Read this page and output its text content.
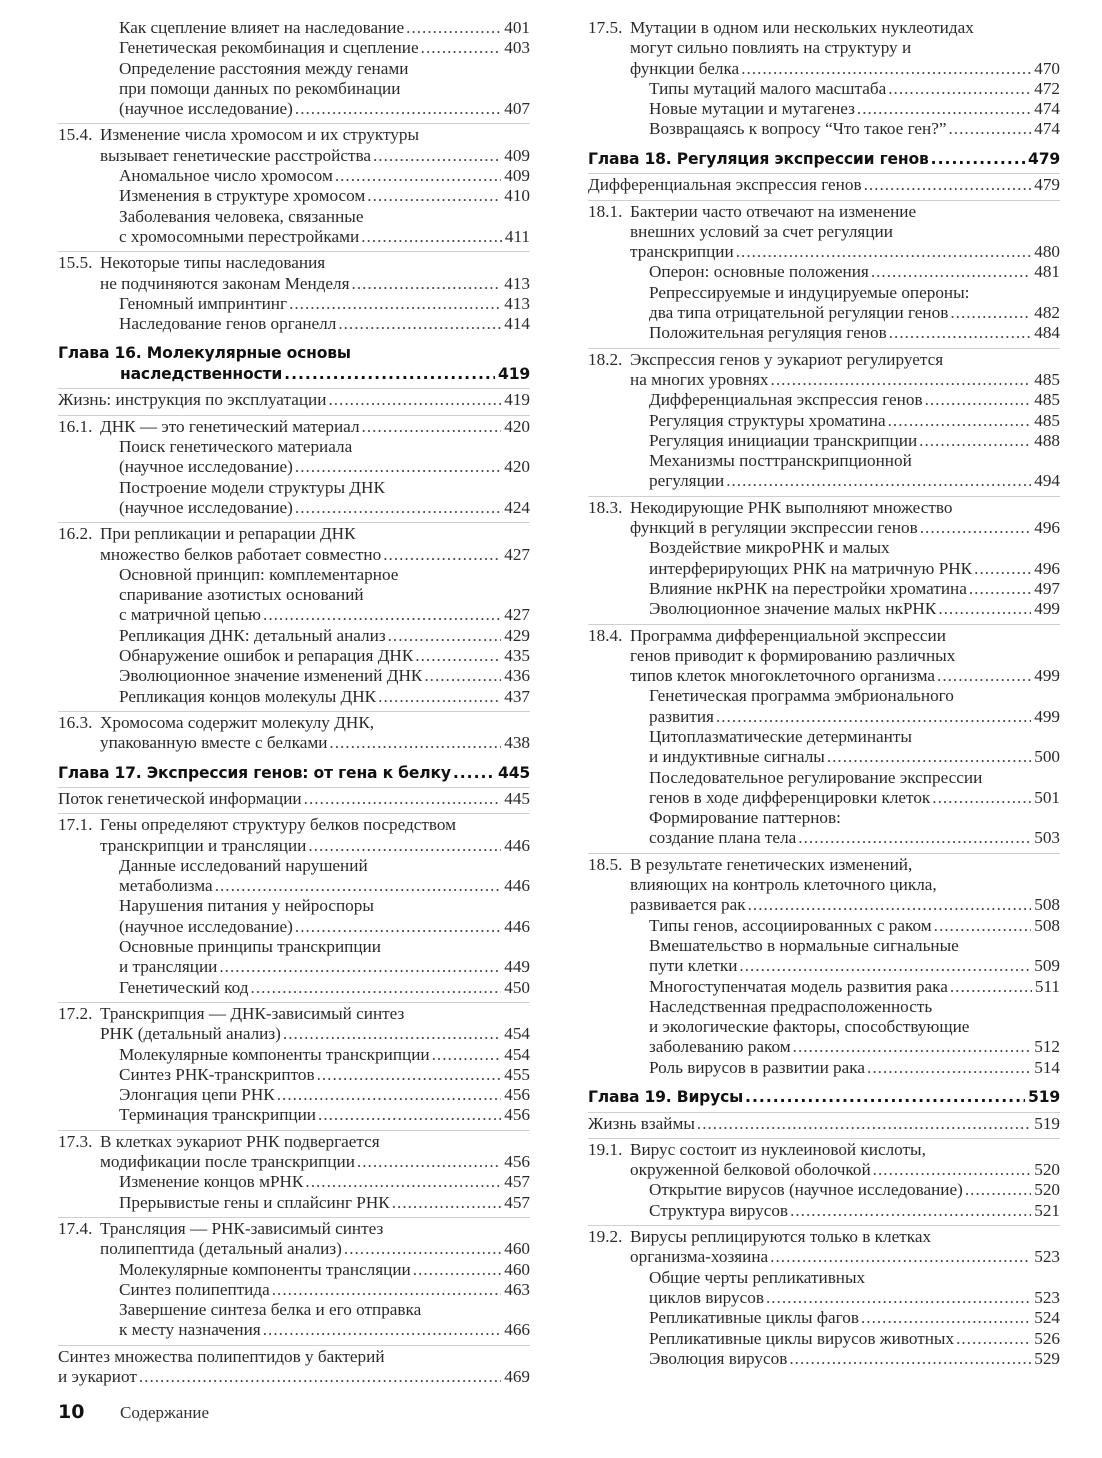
Как сцепление влияет на наследование .....	401
Генетическая рекомбинация и сцепление .....	403
Определение расстояния между генами
при помощи данных по рекомбинации
(научное исследование) .....	407
15.4. Изменение числа хромосом и их структуры
вызывает генетические расстройства .....	409
Аномальное число хромосом .....	409
Изменения в структуре хромосом .....	410
Заболевания человека, связанные
с хромосомными перестройками .....	411
15.5. Некоторые типы наследования
не подчиняются законам Менделя .....	413
Геномный импринтинг .....	413
Наследование генов органелл .....	414
Глава 16. Молекулярные основы
наследственности .....	419
Жизнь: инструкция по эксплуатации .....	419
16.1. ДНК — это генетический материал .....	420
Поиск генетического материала
(научное исследование) .....	420
Построение модели структуры ДНК
(научное исследование) .....	424
16.2. При репликации и репарации ДНК
множество белков работает совместно .....	427
Основной принцип: комплементарное
спаривание азотистых оснований
с матричной цепью .....	427
Репликация ДНК: детальный анализ .....	429
Обнаружение ошибок и репарация ДНК .....	435
Эволюционное значение изменений ДНК .....	436
Репликация концов молекулы ДНК .....	437
16.3. Хромосома содержит молекулу ДНК,
упакованную вместе с белками .....	438
Глава 17. Экспрессия генов: от гена к белку .....	445
Поток генетической информации .....	445
17.1. Гены определяют структуру белков посредством
транскрипции и трансляции .....	446
Данные исследований нарушений
метаболизма .....	446
Нарушения питания у нейроспоры
(научное исследование) .....	446
Основные принципы транскрипции
и трансляции .....	449
Генетический код .....	450
17.2. Транскрипция — ДНК-зависимый синтез
РНК (детальный анализ) .....	454
Молекулярные компоненты транскрипции .....	454
Синтез РНК-транскриптов .....	455
Элонгация цепи РНК .....	456
Терминация транскрипции .....	456
17.3. В клетках эукариот РНК подвергается
модификации после транскрипции .....	456
Изменение концов мРНК .....	457
Прерывистые гены и сплайсинг РНК .....	457
17.4. Трансляция — РНК-зависимый синтез
полипептида (детальный анализ) .....	460
Молекулярные компоненты трансляции .....	460
Синтез полипептида .....	463
Завершение синтеза белка и его отправка
к месту назначения .....	466
Синтез множества полипептидов у бактерий
и эукариот .....	469
17.5. Мутации в одном или нескольких нуклеотидах
могут сильно повлиять на структуру и
функции белка .....	470
Типы мутаций малого масштаба .....	472
Новые мутации и мутагенез .....	474
Возвращаясь к вопросу “Что такое ген?” .....	474
Глава 18. Регуляция экспрессии генов .....	479
Дифференциальная экспрессия генов .....	479
18.1. Бактерии часто отвечают на изменение
внешних условий за счет регуляции
транскрипции .....	480
Оперон: основные положения .....	481
Репрессируемые и индуцируемые опероны:
два типа отрицательной регуляции генов .....	482
Положительная регуляция генов .....	484
18.2. Экспрессия генов у эукариот регулируется
на многих уровнях .....	485
Дифференциальная экспрессия генов .....	485
Регуляция структуры хроматина .....	485
Регуляция инициации транскрипции .....	488
Механизмы посттранскрипционной
регуляции .....	494
18.3. Некодирующие РНК выполняют множество
функций в регуляции экспрессии генов .....	496
Воздействие микроРНК и малых
интерферирующих РНК на матричную РНК .....	496
Влияние нкРНК на перестройки хроматина .....	497
Эволюционное значение малых нкРНК .....	499
18.4. Программа дифференциальной экспрессии
генов приводит к формированию различных
типов клеток многоклеточного организма .....	499
Генетическая программа эмбрионального
развития .....	499
Цитоплазматические детерминанты
и индуктивные сигналы .....	500
Последовательное регулирование экспрессии
генов в ходе дифференцировки клеток .....	501
Формирование паттернов:
создание плана тела .....	503
18.5. В результате генетических изменений,
влияющих на контроль клеточного цикла,
развивается рак .....	508
Типы генов, ассоциированных с раком .....	508
Вмешательство в нормальные сигнальные
пути клетки .....	509
Многоступенчатая модель развития рака .....	511
Наследственная предрасположенность
и экологические факторы, способствующие
заболеванию раком .....	512
Роль вирусов в развитии рака .....	514
Глава 19. Вирусы .....	519
Жизнь взаймы .....	519
19.1. Вирус состоит из нуклеиновой кислоты,
окруженной белковой оболочкой .....	520
Открытие вирусов (научное исследование) .....	520
Структура вирусов .....	521
19.2. Вирусы реплицируются только в клетках
организма-хозяина .....	523
Общие черты репликативных
циклов вирусов .....	523
Репликативные циклы фагов .....	524
Репликативные циклы вирусов животных .....	526
Эволюция вирусов .....	529
10	Содержание
